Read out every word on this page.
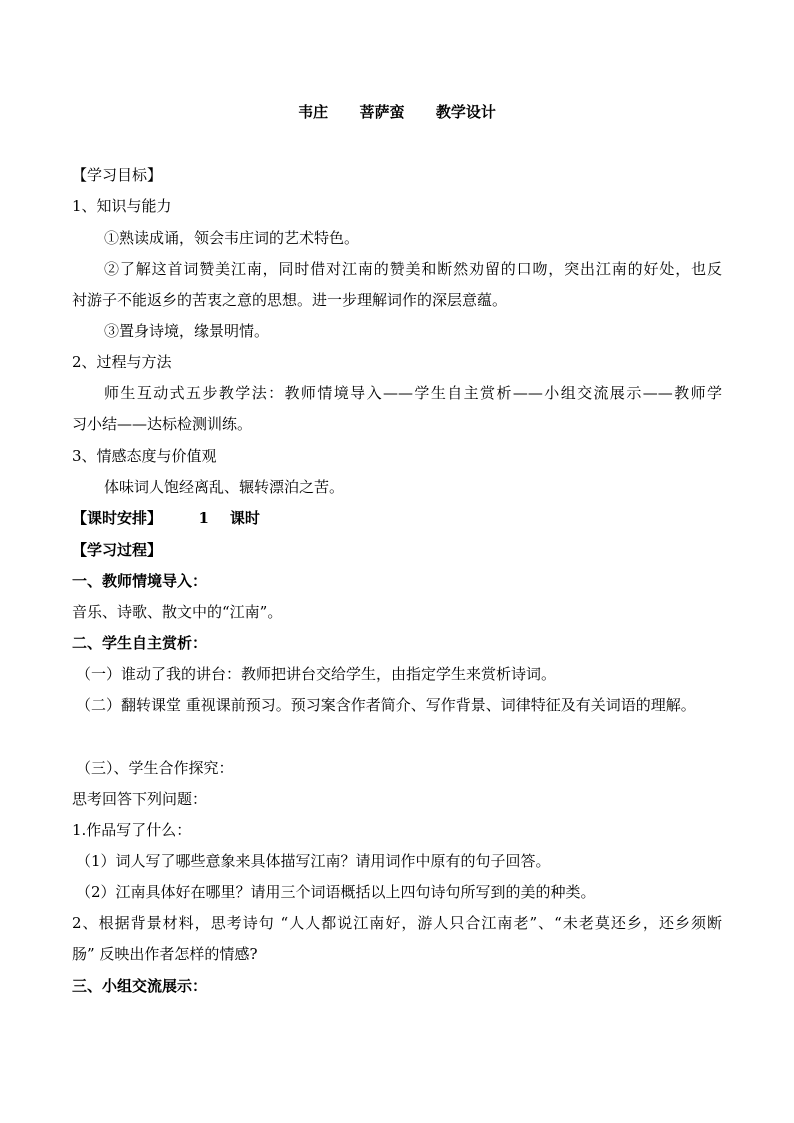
韦庄      菩萨蛮      教学设计
【学习目标】
1、知识与能力
①熟读成诵，领会韦庄词的艺术特色。
②了解这首词赞美江南，同时借对江南的赞美和断然劝留的口吻，突出江南的好处，也反
衬游子不能返乡的苦衷之意的思想。进一步理解词作的深层意蕴。
③置身诗境，缘景明情。
2、过程与方法
师生互动式五步教学法：教师情境导入——学生自主赏析——小组交流展示——教师学
习小结——达标检测训练。
3、情感态度与价值观
体味词人饱经离乱、辗转漂泊之苦。
【课时安排】       1    课时
【学习过程】
一、教师情境导入：
音乐、诗歌、散文中的“江南”。
二、学生自主赏析：
（一）谁动了我的讲台：教师把讲台交给学生，由指定学生来赏析诗词。
（二）翻转课堂 重视课前预习。预习案含作者简介、写作背景、词律特征及有关词语的理解。
（三）、学生合作探究：
思考回答下列问题：
1.作品写了什么：
（1）词人写了哪些意象来具体描写江南？请用词作中原有的句子回答。
（2）江南具体好在哪里？请用三个词语概括以上四句诗句所写到的美的种类。
2、根据背景材料，思考诗句 “人人都说江南好，游人只合江南老”、“未老莫还乡，还乡须断
肠” 反映出作者怎样的情感?
三、小组交流展示：
